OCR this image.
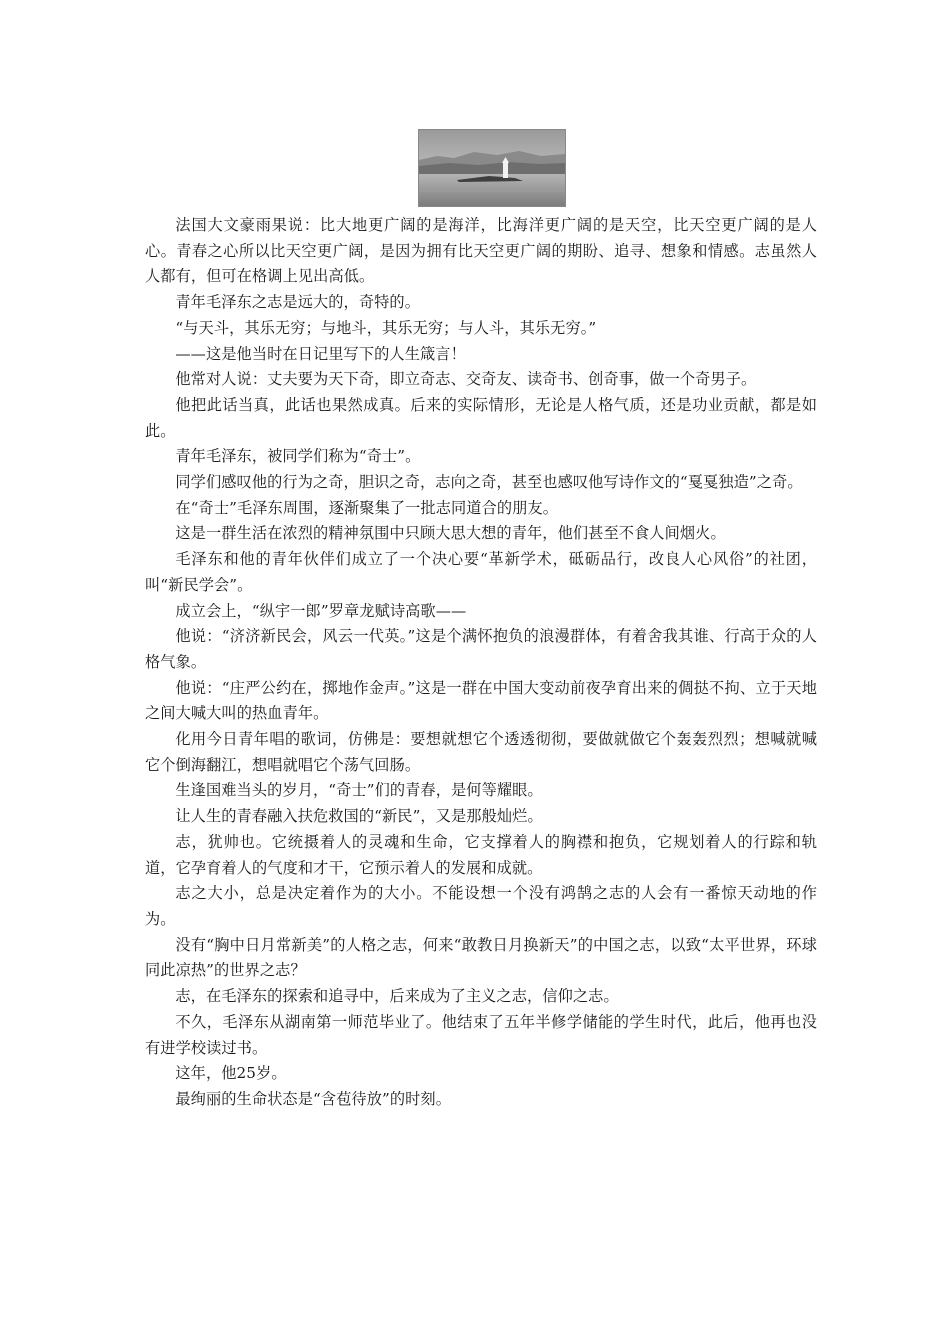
法国大文豪雨果说：比大地更广阔的是海洋，比海洋更广阔的是天空，比天空更广阔的是人心。青春之心所以比天空更广阔，是因为拥有比天空更广阔的期盼、追寻、想象和情感。志虽然人人都有，但可在格调上见出高低。

青年毛泽东之志是远大的，奇特的。

“与天斗，其乐无穷；与地斗，其乐无穷；与人斗，其乐无穷。”

——这是他当时在日记里写下的人生箴言！

他常对人说：丈夫要为天下奇，即立奇志、交奇友、读奇书、创奇事，做一个奇男子。

他把此话当真，此话也果然成真。后来的实际情形，无论是人格气质，还是功业贡献，都是如此。

青年毛泽东，被同学们称为“奇士”。

同学们感叹他的行为之奇，胆识之奇，志向之奇，甚至也感叹他写诗作文的“戛戛独造”之奇。

在“奇士”毛泽东周围，逐渐聚集了一批志同道合的朋友。

这是一群生活在浓烈的精神氛围中只顾大思大想的青年，他们甚至不食人间烟火。

毛泽东和他的青年伙伴们成立了一个决心要“革新学术，砥砺品行，改良人心风俗”的社团，叫“新民学会”。

成立会上，“纵宇一郎”罗章龙赋诗高歌——

他说：“济济新民会，风云一代英。”这是个满怀抱负的浪漫群体，有着舍我其谁、行高于众的人格气象。

他说：“庄严公约在，掷地作金声。”这是一群在中国大变动前夜孕育出来的倜挞不拘、立于天地之间大喊大叫的热血青年。

化用今日青年唱的歌词，仿佛是：要想就想它个透透彻彻，要做就做它个轰轰烈烈；想喊就喊它个倒海翻江，想唱就唱它个荡气回肠。

生逢国难当头的岁月，“奇士”们的青春，是何等耀眼。

让人生的青春融入扶危救国的“新民”，又是那般灿烂。

志，犹帅也。它统摄着人的灵魂和生命，它支撑着人的胸襟和抱负，它规划着人的行踪和轨道，它孕育着人的气度和才干，它预示着人的发展和成就。

志之大小，总是决定着作为的大小。不能设想一个没有鸿鹄之志的人会有一番惊天动地的作为。

没有“胸中日月常新美”的人格之志，何来“敢教日月换新天”的中国之志，以致“太平世界，环球同此凉热”的世界之志？

志，在毛泽东的探索和追寻中，后来成为了主义之志，信仰之志。

不久，毛泽东从湖南第一师范毕业了。他结束了五年半修学储能的学生时代，此后，他再也没有进学校读过书。

这年，他25岁。

最绚丽的生命状态是“含苞待放”的时刻。
